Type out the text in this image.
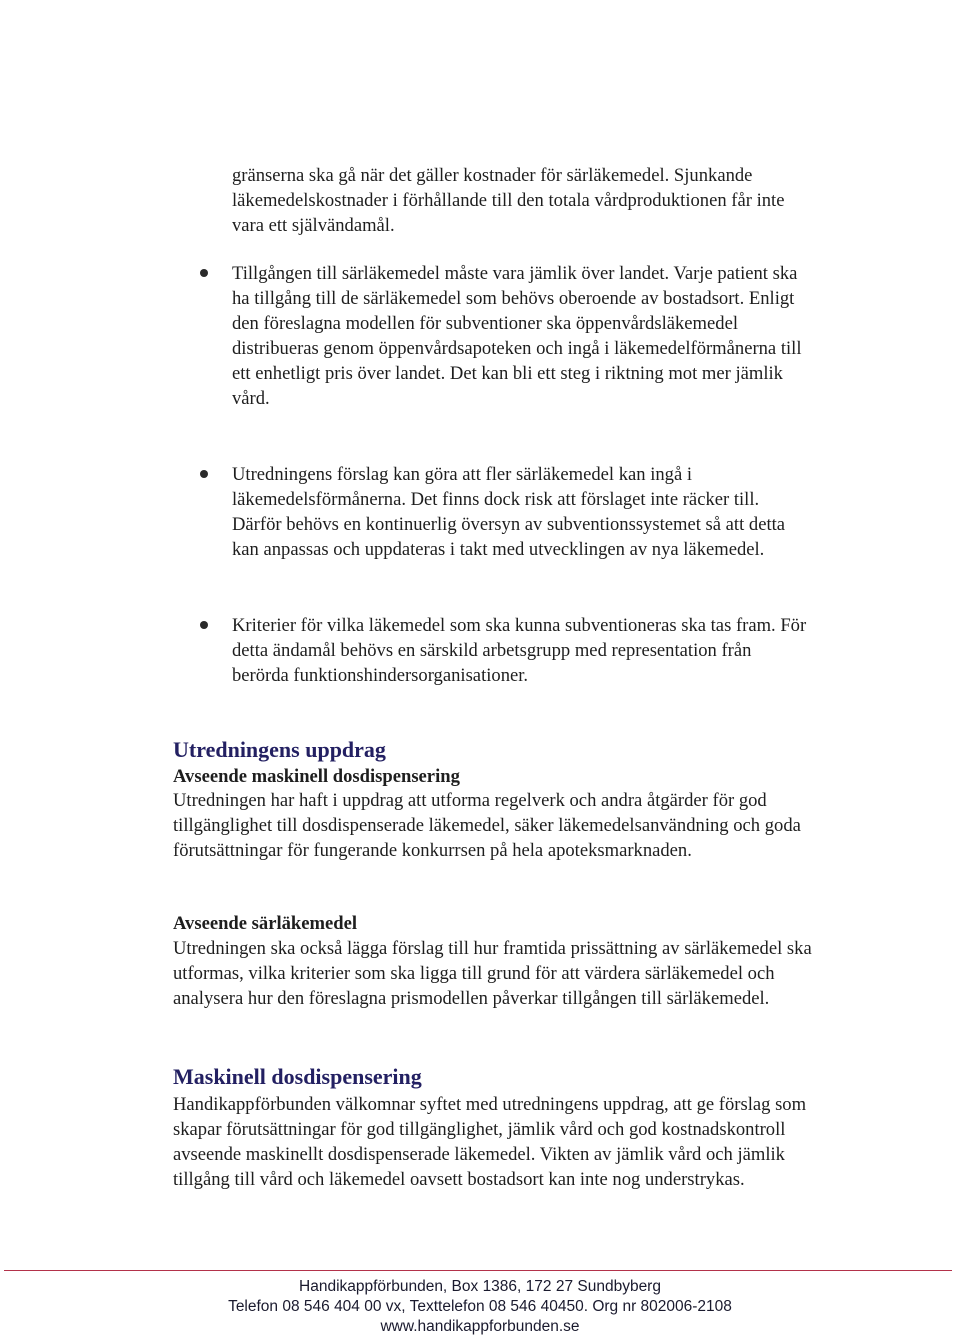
gränserna ska gå när det gäller kostnader för särläkemedel. Sjunkande läkemedelskostnader i förhållande till den totala vårdproduktionen får inte vara ett självändamål.

Tillgången till särläkemedel måste vara jämlik över landet. Varje patient ska ha tillgång till de särläkemedel som behövs oberoende av bostadsort. Enligt den föreslagna modellen för subventioner ska öppenvårdsläkemedel distribueras genom öppenvårdsapoteken och ingå i läkemedelförmånerna till ett enhetligt pris över landet. Det kan bli ett steg i riktning mot mer jämlik vård.

Utredningens förslag kan göra att fler särläkemedel kan ingå i läkemedelsförmånerna. Det finns dock risk att förslaget inte räcker till. Därför behövs en kontinuerlig översyn av subventionssystemet så att detta kan anpassas och uppdateras i takt med utvecklingen av nya läkemedel.

Kriterier för vilka läkemedel som ska kunna subventioneras ska tas fram. För detta ändamål behövs en särskild arbetsgrupp med representation från berörda funktionshindersorganisationer.

Utredningens uppdrag
Avseende maskinell dosdispensering

Utredningen har haft i uppdrag att utforma regelverk och andra åtgärder för god tillgänglighet till dosdispenserade läkemedel, säker läkemedelsanvändning och goda förutsättningar för fungerande konkurrsen på hela apoteksmarknaden.

Avseende särläkemedel

Utredningen ska också lägga förslag till hur framtida prissättning av särläkemedel ska utformas, vilka kriterier som ska ligga till grund för att värdera särläkemedel och analysera hur den föreslagna prismodellen påverkar tillgången till särläkemedel.

Maskinell dosdispensering

Handikappförbunden välkomnar syftet med utredningens uppdrag, att ge förslag som skapar förutsättningar för god tillgänglighet, jämlik vård och god kostnadskontroll avseende maskinellt dosdispenserade läkemedel. Vikten av jämlik vård och jämlik tillgång till vård och läkemedel oavsett bostadsort kan inte nog understrykas.

Handikappförbunden, Box 1386, 172 27 Sundbyberg

Telefon 08 546 404 00 vx, Texttelefon 08 546 40450. Org nr 802006-2108

www.handikappforbunden.se
